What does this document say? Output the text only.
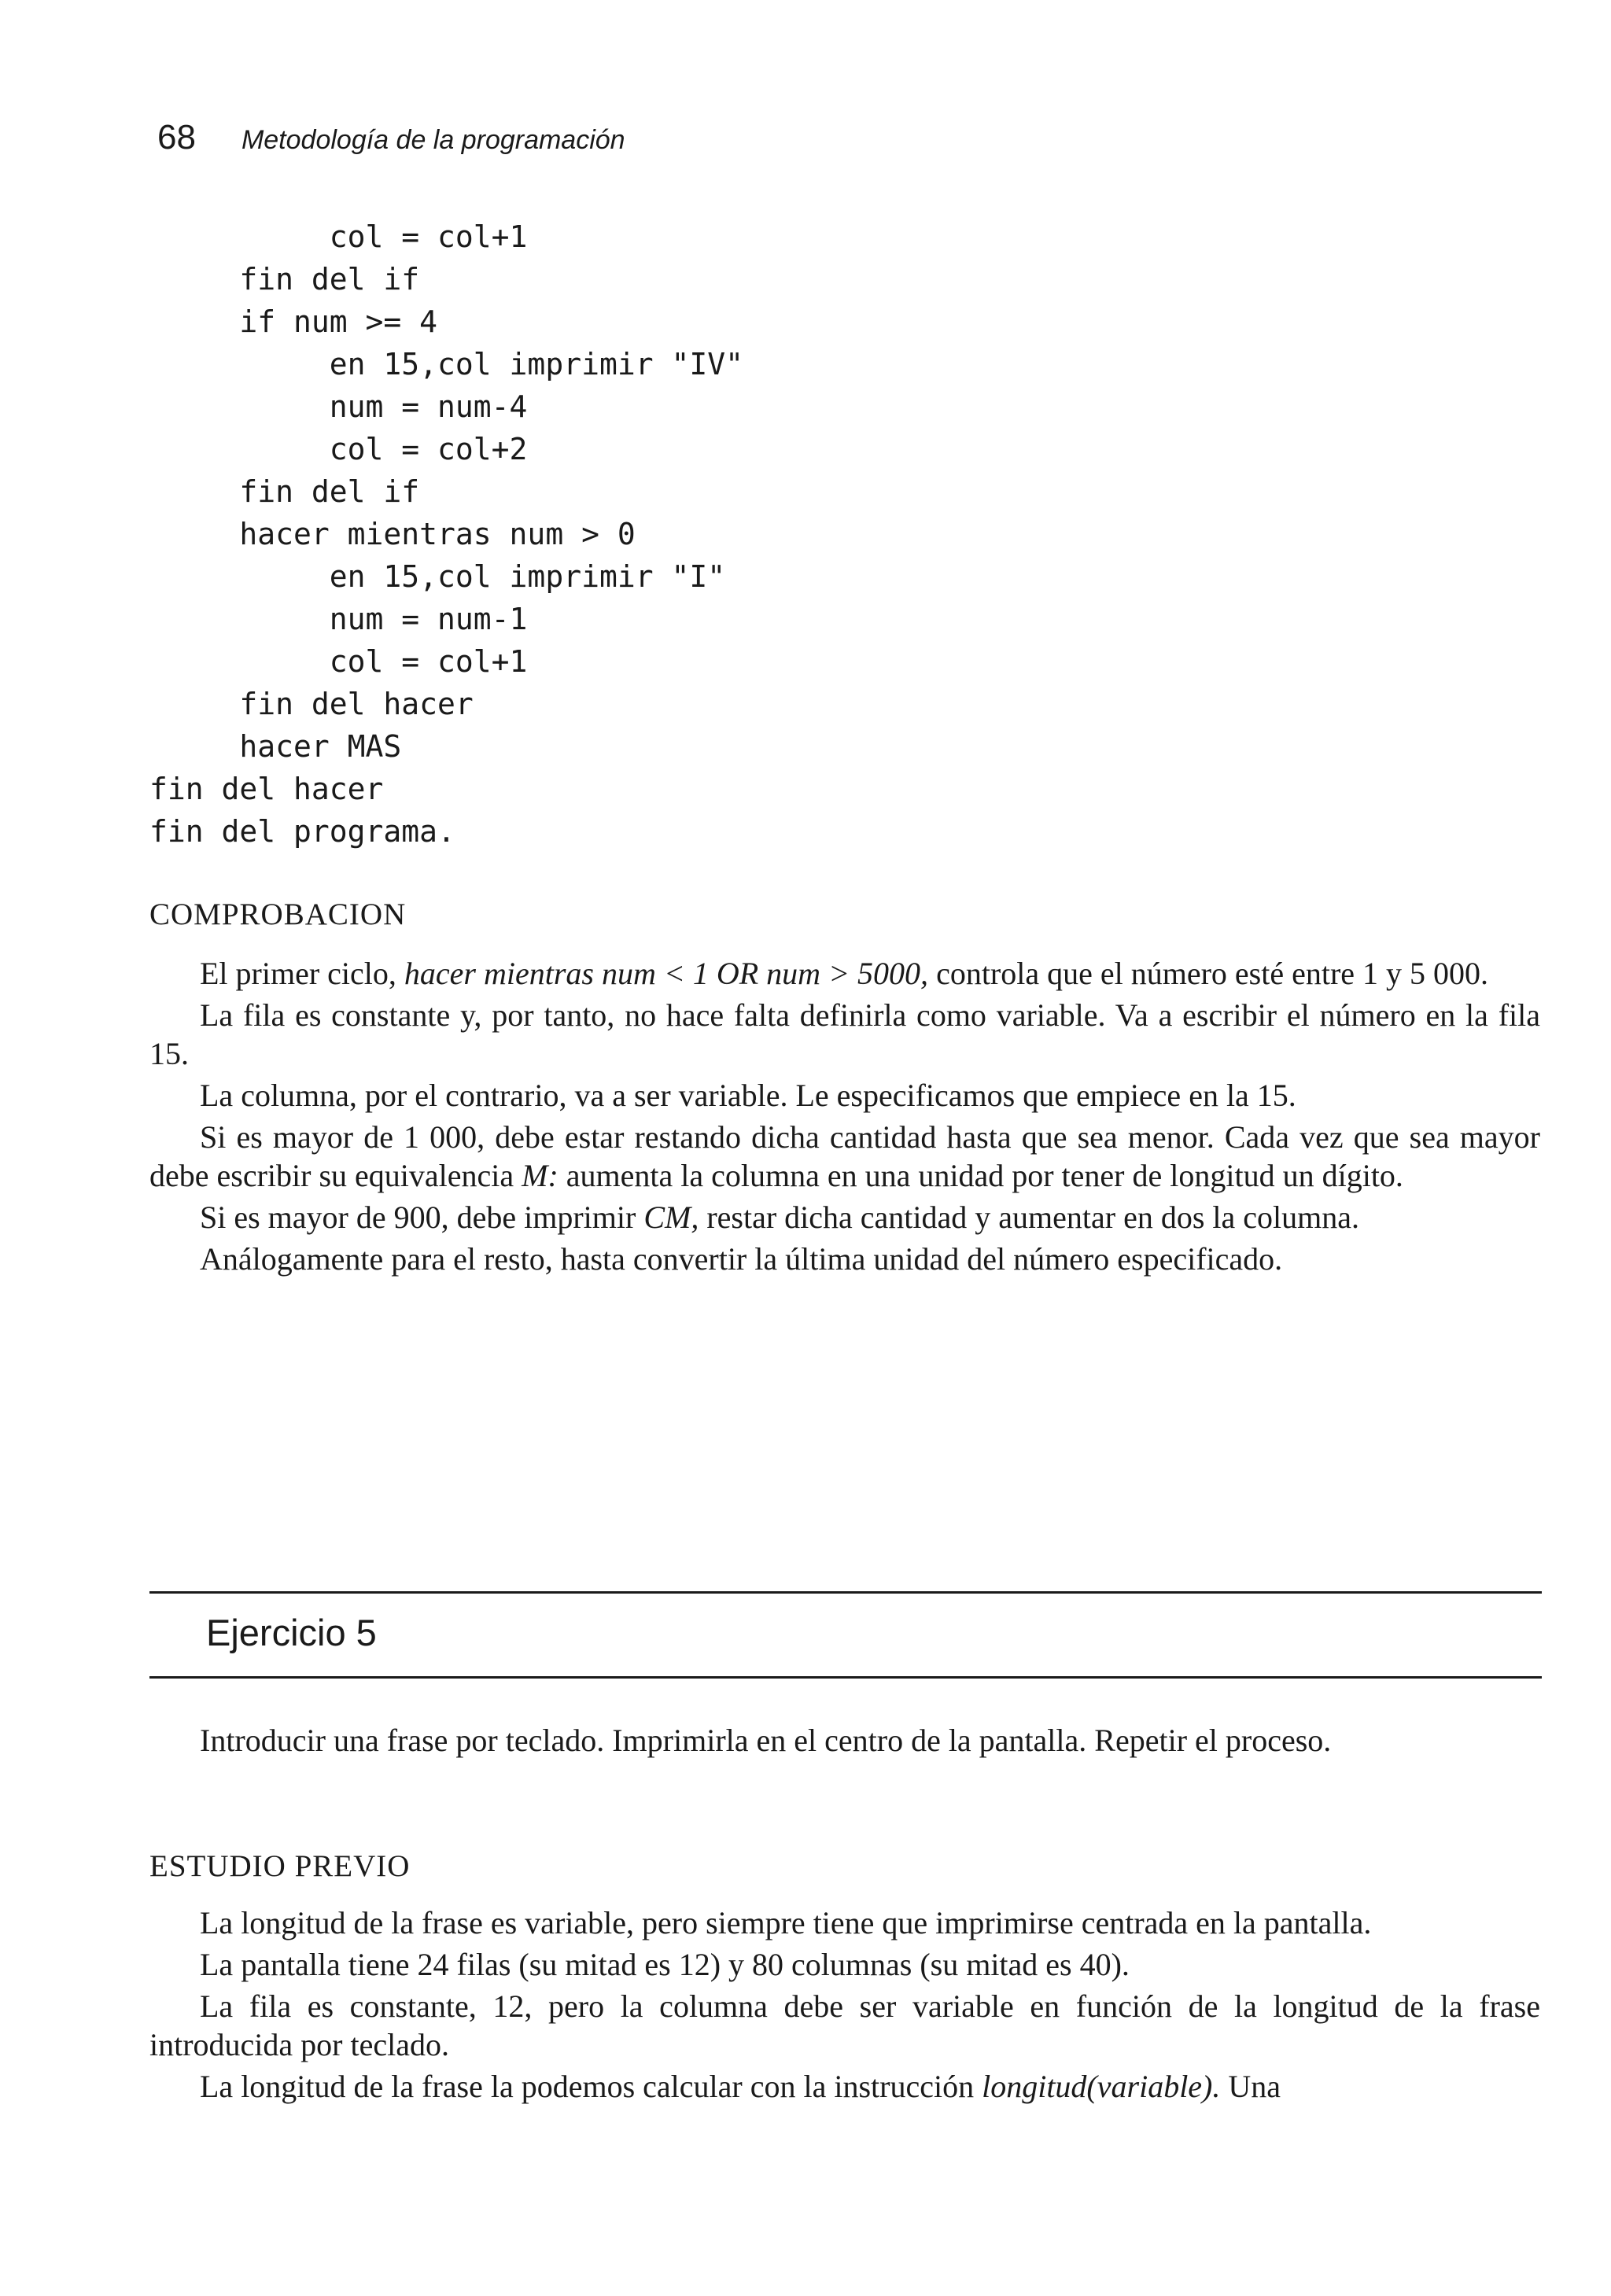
68 Metodología de la programación
col = col+1
fin del if
if num >= 4
en 15,col imprimir "IV"
num = num-4
col = col+2
fin del if
hacer mientras num > 0
en 15,col imprimir "I"
num = num-1
col = col+1
fin del hacer
hacer MAS
fin del hacer
fin del programa.
COMPROBACION

El primer ciclo, hacer mientras num < 1 OR num > 5000, controla que el número esté entre 1 y 5 000.

La fila es constante y, por tanto, no hace falta definirla como variable. Va a escribir el número en la fila 15.

La columna, por el contrario, va a ser variable. Le especificamos que empiece en la 15.

Si es mayor de 1 000, debe estar restando dicha cantidad hasta que sea menor. Cada vez que sea mayor debe escribir su equivalencia M: aumenta la columna en una unidad por tener de longitud un dígito.

Si es mayor de 900, debe imprimir CM, restar dicha cantidad y aumentar en dos la columna.

Análogamente para el resto, hasta convertir la última unidad del número especificado.

Ejercicio 5

Introducir una frase por teclado. Imprimirla en el centro de la pantalla. Repetir el proceso.

ESTUDIO PREVIO

La longitud de la frase es variable, pero siempre tiene que imprimirse centrada en la pantalla.

La pantalla tiene 24 filas (su mitad es 12) y 80 columnas (su mitad es 40).

La fila es constante, 12, pero la columna debe ser variable en función de la longitud de la frase introducida por teclado.

La longitud de la frase la podemos calcular con la instrucción longitud(variable). Una
